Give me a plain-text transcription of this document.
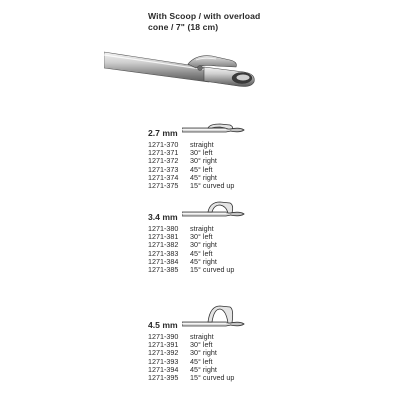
With Scoop / with overload
cone / 7" (18 cm)
2.7 mm
1271-370 straight
1271-371 30° left
1271-372 30° right
1271-373 45° left
1271-374 45° right
1271-375 15° curved up
3.4 mm
1271-380 straight
1271-381 30° left
1271-382 30° right
1271-383 45° left
1271-384 45° right
1271-385 15° curved up
4.5 mm
1271-390 straight
1271-391 30° left
1271-392 30° right
1271-393 45° left
1271-394 45° right
1271-395 15° curved up
